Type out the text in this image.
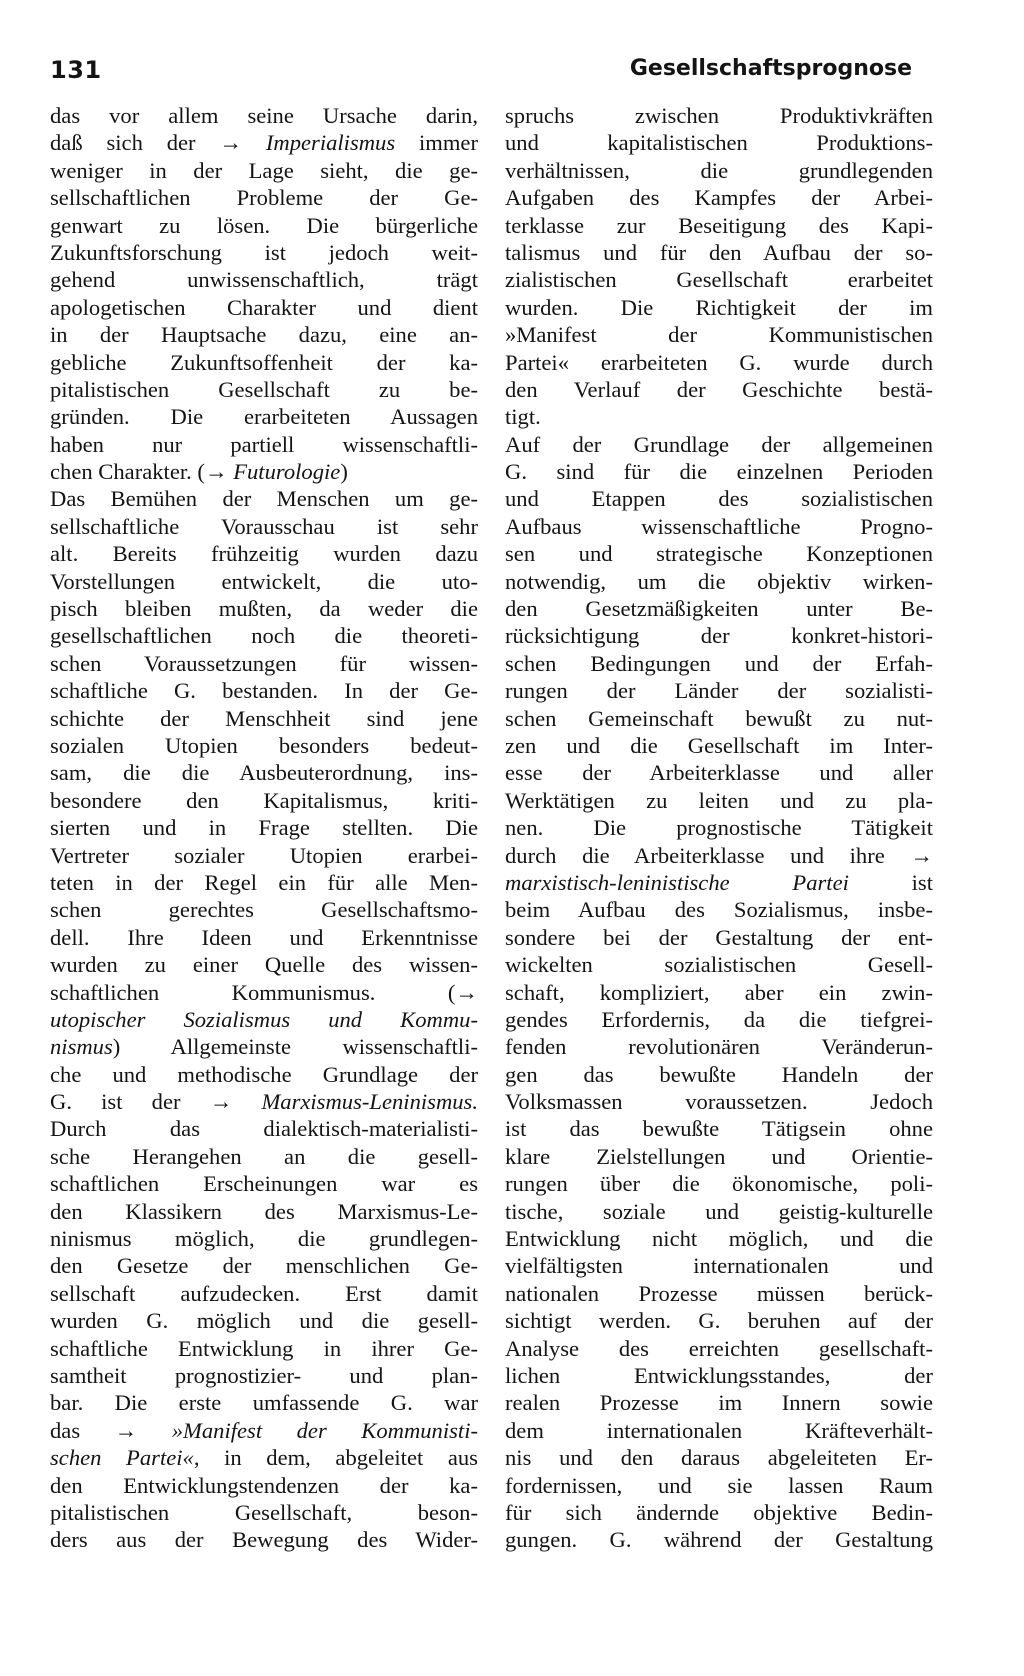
131	Gesellschaftsprognose
das vor allem seine Ursache darin,
daß sich der → Imperialismus immer
weniger in der Lage sieht, die ge-
sellschaftlichen Probleme der Ge-
genwart zu lösen. Die bürgerliche
Zukunftsforschung ist jedoch weit-
gehend unwissenschaftlich, trägt
apologetischen Charakter und dient
in der Hauptsache dazu, eine an-
gebliche Zukunftsoffenheit der ka-
pitalistischen Gesellschaft zu be-
gründen. Die erarbeiteten Aussagen
haben nur partiell wissenschaftli-
chen Charakter. (→ Futurologie)
Das Bemühen der Menschen um ge-
sellschaftliche Vorausschau ist sehr
alt. Bereits frühzeitig wurden dazu
Vorstellungen entwickelt, die uto-
pisch bleiben mußten, da weder die
gesellschaftlichen noch die theoreti-
schen Voraussetzungen für wissen-
schaftliche G. bestanden. In der Ge-
schichte der Menschheit sind jene
sozialen Utopien besonders bedeut-
sam, die die Ausbeuterordnung, ins-
besondere den Kapitalismus, kriti-
sierten und in Frage stellten. Die
Vertreter sozialer Utopien erarbei-
teten in der Regel ein für alle Men-
schen gerechtes Gesellschaftsmo-
dell. Ihre Ideen und Erkenntnisse
wurden zu einer Quelle des wissen-
schaftlichen Kommunismus. (→
utopischer Sozialismus und Kommu-
nismus) Allgemeinste wissenschaftli-
che und methodische Grundlage der
G. ist der → Marxismus-Leninismus.
Durch das dialektisch-materialisti-
sche Herangehen an die gesell-
schaftlichen Erscheinungen war es
den Klassikern des Marxismus-Le-
ninismus möglich, die grundlegen-
den Gesetze der menschlichen Ge-
sellschaft aufzudecken. Erst damit
wurden G. möglich und die gesell-
schaftliche Entwicklung in ihrer Ge-
samtheit prognostizier- und plan-
bar. Die erste umfassende G. war
das → »Manifest der Kommunisti-
schen Partei«, in dem, abgeleitet aus
den Entwicklungstendenzen der ka-
pitalistischen Gesellschaft, beson-
ders aus der Bewegung des Wider-
spruchs zwischen Produktivkräften
und kapitalistischen Produktions-
verhältnissen, die grundlegenden
Aufgaben des Kampfes der Arbei-
terklasse zur Beseitigung des Kapi-
talismus und für den Aufbau der so-
zialistischen Gesellschaft erarbeitet
wurden. Die Richtigkeit der im
»Manifest der Kommunistischen
Partei« erarbeiteten G. wurde durch
den Verlauf der Geschichte bestä-
tigt.
Auf der Grundlage der allgemeinen
G. sind für die einzelnen Perioden
und Etappen des sozialistischen
Aufbaus wissenschaftliche Progno-
sen und strategische Konzeptionen
notwendig, um die objektiv wirken-
den Gesetzmäßigkeiten unter Be-
rücksichtigung der konkret-histori-
schen Bedingungen und der Erfah-
rungen der Länder der sozialisti-
schen Gemeinschaft bewußt zu nut-
zen und die Gesellschaft im Inter-
esse der Arbeiterklasse und aller
Werktätigen zu leiten und zu pla-
nen. Die prognostische Tätigkeit
durch die Arbeiterklasse und ihre →
marxistisch-leninistische Partei ist
beim Aufbau des Sozialismus, insbe-
sondere bei der Gestaltung der ent-
wickelten sozialistischen Gesell-
schaft, kompliziert, aber ein zwin-
gendes Erfordernis, da die tiefgrei-
fenden revolutionären Veränderun-
gen das bewußte Handeln der
Volksmassen voraussetzen. Jedoch
ist das bewußte Tätigsein ohne
klare Zielstellungen und Orientie-
rungen über die ökonomische, poli-
tische, soziale und geistig-kulturelle
Entwicklung nicht möglich, und die
vielfältigsten internationalen und
nationalen Prozesse müssen berück-
sichtigt werden. G. beruhen auf der
Analyse des erreichten gesellschaft-
lichen Entwicklungsstandes, der
realen Prozesse im Innern sowie
dem internationalen Kräfteverhält-
nis und den daraus abgeleiteten Er-
fordernissen, und sie lassen Raum
für sich ändernde objektive Bedin-
gungen. G. während der Gestaltung
